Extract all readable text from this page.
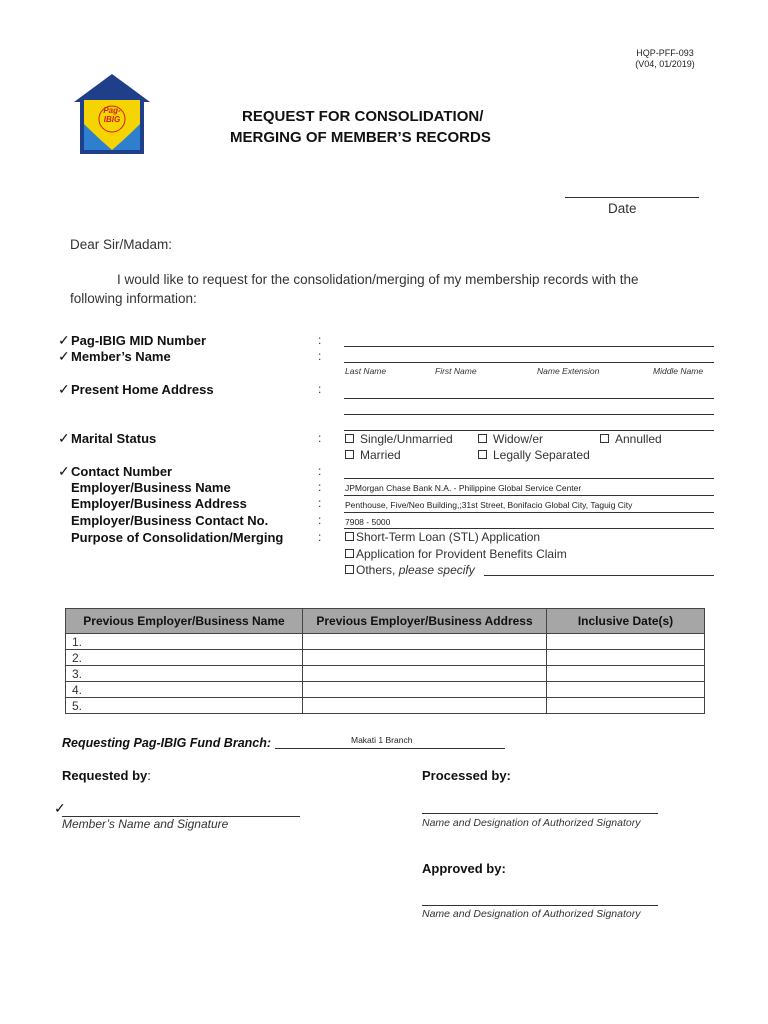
HQP-PFF-093
(V04, 01/2019)
Pag-
IBIG	REQUEST FOR CONSOLIDATION/
MERGING OF MEMBER’S RECORDS
Date
Dear Sir/Madam:
I would like to request for the consolidation/merging of my membership records with the
following information:
✓ Pag-IBIG MID Number	:
✓ Member’s Name	:
Last Name	First Name	Name Extension	Middle Name
✓ Present Home Address	:
✓ Marital Status	:	Single/Unmarried	Widow/er	Annulled
Married	Legally Separated
✓ Contact Number	:
Employer/Business Name	:	JPMorgan Chase Bank N.A. - Philippine Global Service Center
Employer/Business Address	:	Penthouse, Five/Neo Building,;31st Street, Bonifacio Global City, Taguig City
Employer/Business Contact No.	:	7908 - 5000
Purpose of Consolidation/Merging	:	Short-Term Loan (STL) Application
Application for Provident Benefits Claim
Others, please specify
Previous Employer/Business Name	Previous Employer/Business Address	Inclusive Date(s)
1.		
2.		
3.		
4.		
5.		
Requesting Pag-IBIG Fund Branch:	Makati 1 Branch
Requested by:
✓
Member’s Name and Signature
Processed by:
Name and Designation of Authorized Signatory
Approved by:
Name and Designation of Authorized Signatory
